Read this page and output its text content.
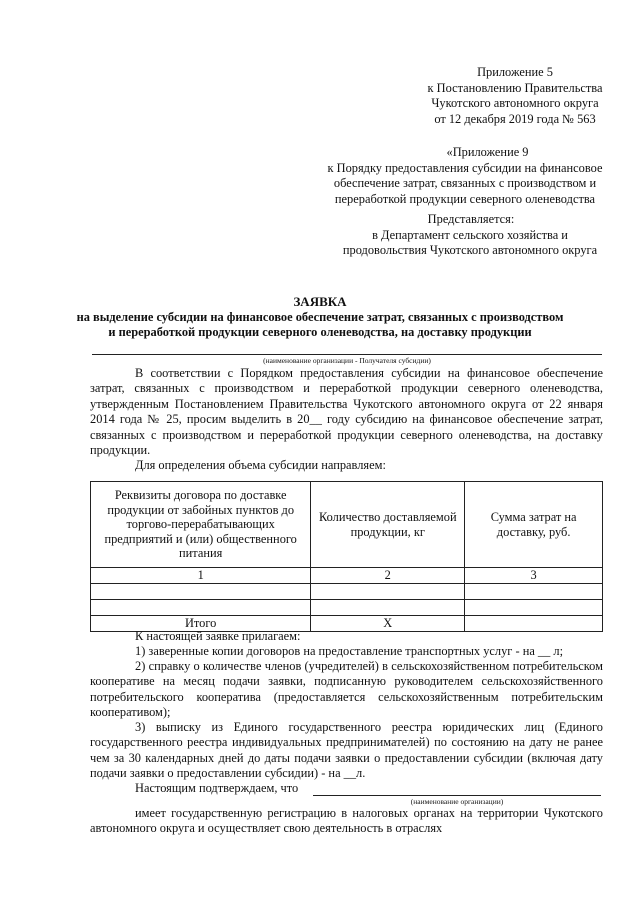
Приложение 5
к Постановлению Правительства
Чукотского автономного округа
от 12 декабря 2019 года № 563
«Приложение 9
к Порядку предоставления субсидии на финансовое
обеспечение затрат, связанных с производством и
переработкой продукции северного оленеводства
Представляется:
в Департамент сельского хозяйства и
продовольствия Чукотского автономного округа
ЗАЯВКА
на выделение субсидии на финансовое обеспечение затрат, связанных с производством
и переработкой продукции северного оленеводства, на доставку продукции
(наименование организации - Получателя субсидии)
В соответствии с Порядком предоставления субсидии на финансовое обеспечение затрат, связанных с производством и переработкой продукции северного оленеводства, утвержденным Постановлением Правительства Чукотского автономного округа от 22 января 2014 года № 25, просим выделить в 20__ году субсидию на финансовое обеспечение затрат, связанных с производством и переработкой продукции северного оленеводства, на доставку продукции.
Для определения объема субсидии направляем:
Реквизиты договора по доставке продукции от забойных пунктов до торгово-перерабатывающих предприятий и (или) общественного питания	Количество доставляемой продукции, кг	Сумма затрат на доставку, руб.
1	2	3

Итого	X	
К настоящей заявке прилагаем:
1) заверенные копии договоров на предоставление транспортных услуг - на __ л;
2) справку о количестве членов (учредителей) в сельскохозяйственном потребительском кооперативе на месяц подачи заявки, подписанную руководителем сельскохозяйственного потребительского кооператива (предоставляется сельскохозяйственным потребительским кооперативом);
3) выписку из Единого государственного реестра юридических лиц (Единого государственного реестра индивидуальных предпринимателей) по состоянию на дату не ранее чем за 30 календарных дней до даты подачи заявки о предоставлении субсидии (включая дату подачи заявки о предоставлении субсидии) - на __л.
Настоящим подтверждаем, что
(наименование организации)
имеет государственную регистрацию в налоговых органах на территории Чукотского автономного округа и осуществляет свою деятельность в отраслях
